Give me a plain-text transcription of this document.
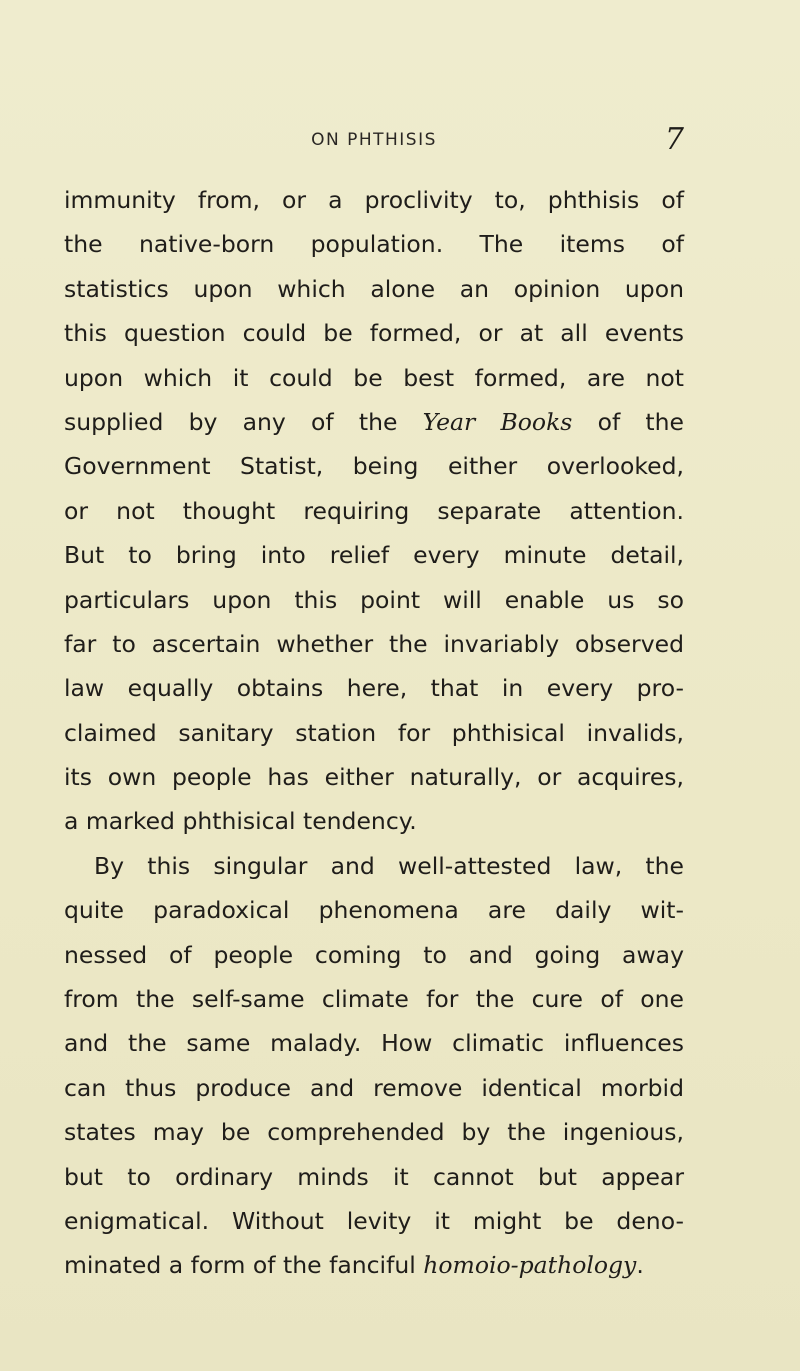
ON PHTHISIS	7
immunity from, or a proclivity to, phthisis of
the native-born population. The items of
statistics upon which alone an opinion upon
this question could be formed, or at all events
upon which it could be best formed, are not
supplied by any of the Year Books of the
Government Statist, being either overlooked,
or not thought requiring separate attention.
But to bring into relief every minute detail,
particulars upon this point will enable us so
far to ascertain whether the invariably observed
law equally obtains here, that in every pro-
claimed sanitary station for phthisical invalids,
its own people has either naturally, or acquires,
a marked phthisical tendency.
By this singular and well-attested law, the
quite paradoxical phenomena are daily wit-
nessed of people coming to and going away
from the self-same climate for the cure of one
and the same malady. How climatic influences
can thus produce and remove identical morbid
states may be comprehended by the ingenious,
but to ordinary minds it cannot but appear
enigmatical. Without levity it might be deno-
minated a form of the fanciful homoio-pathology.
